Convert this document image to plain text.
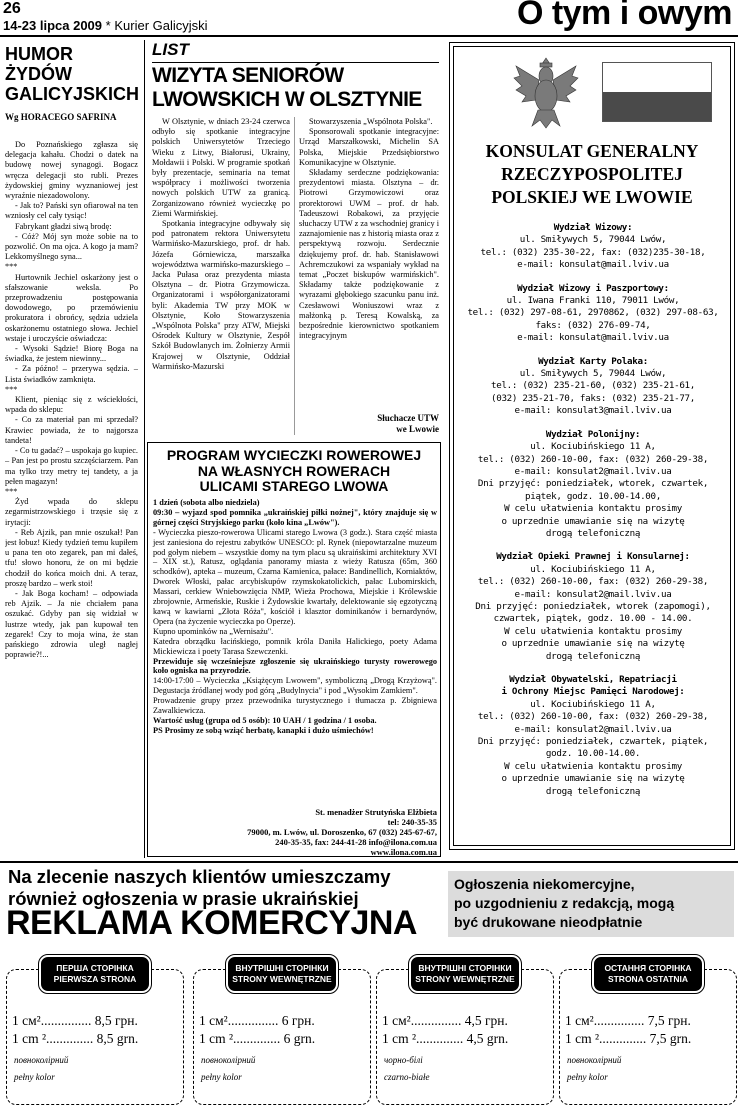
26
14-23 lipca 2009 * Kurier Galicyjski	O tym i owym
HUMOR
ŻYDÓW
GALICYJSKICH
Wg HORACEGO SAFRINA

Do Poznańskiego zgłasza się delegacja kahału. Chodzi o datek na budowę nowej synagogi. Bogacz wręcza delegacji sto rubli. Prezes żydowskiej gminy wyznaniowej jest wyraźnie niezadowolony.

- Jak to? Pański syn ofiarował na ten wzniosły cel cały tysiąc!

Fabrykant gładzi siwą brodę:

- Cóż? Mój syn może sobie na to pozwolić. On ma ojca. A kogo ja mam? Lekkomyślnego syna...

***

Hurtownik Jechiel oskarżony jest o sfałszowanie weksla. Po przeprowadzeniu postępowania dowodowego, po przemówieniu prokuratora i obrońcy, sędzia udziela oskarżonemu ostatniego słowa. Jechiel wstaje i uroczyście oświadcza:

- Wysoki Sądzie! Biorę Boga na świadka, że jestem niewinny...

- Za późno! – przerywa sędzia. – Lista świadków zamknięta.

***

Klient, pieniąc się z wściekłości, wpada do sklepu:

- Co za materiał pan mi sprzedał? Krawiec powiada, że to najgorsza tandeta!

- Co tu gadać? – uspokaja go kupiec. – Pan jest po prostu szczęściarzem. Pan ma tylko trzy metry tej tandety, a ja pełen magazyn!

***

Żyd wpada do sklepu zegarmistrzowskiego i trzęsie się z irytacji:

- Reb Ajzik, pan mnie oszukał! Pan jest łobuz! Kiedy tydzień temu kupiłem u pana ten oto zegarek, pan mi dałeś, tfu! słowo honoru, że on mi będzie chodził do końca moich dni. A teraz, proszę bardzo – werk stoi!

- Jak Boga kocham! – odpowiada reb Ajzik. – Ja nie chciałem pana oszukać. Gdyby pan się widział w lustrze wtedy, jak pan kupował ten zegarek! Czy to moja wina, że stan pańskiego zdrowia uległ nagłej poprawie?!...

LIST
WIZYTA SENIORÓW
LWOWSKICH W OLSZTYNIE

W Olsztynie, w dniach 23-24 czerwca odbyło się spotkanie integracyjne polskich Uniwersytetów Trzeciego Wieku z Litwy, Białorusi, Ukrainy, Mołdawii i Polski. W programie spotkań były prezentacje, seminaria na temat współpracy i możliwości tworzenia nowych polskich UTW za granicą. Zorganizowano również wycieczkę po Ziemi Warmińskiej.

Spotkania integracyjne odbywały się pod patronatem rektora Uniwersytetu Warmińsko-Mazurskiego, prof. dr hab. Józefa Górniewicza, marszałka województwa warmińsko-mazurskiego – Jacka Pułasa oraz prezydenta miasta Olsztyna – dr. Piotra Grzymowicza. Organizatorami i współorganizatorami byli: Akademia TW przy MOK w Olsztynie, Koło Stowarzyszenia „Wspólnota Polska" przy ATW, Miejski Ośrodek Kultury w Olsztynie, Zespół Szkół Budowlanych im. Żołnierzy Armii Krajowej w Olsztynie, Oddział Warmińsko-Mazurski

Stowarzyszenia „Wspólnota Polska".

Sponsorowali spotkanie integracyjne: Urząd Marszałkowski, Michelin SA Polska, Miejskie Przedsiębiorstwo Komunikacyjne w Olsztynie.

Składamy serdeczne podziękowania: prezydentowi miasta. Olsztyna – dr. Piotrowi Grzymowiczowi oraz prorektorowi UWM – prof. dr hab. Tadeuszowi Robakowi, za przyjęcie słuchaczy UTW z za wschodniej granicy i zaznajomienie nas z historią miasta oraz z perspektywą rozwoju. Serdecznie dziękujemy prof. dr. hab. Stanisławowi Achremczukowi za wspaniały wykład na temat „Poczet biskupów warmińskich". Składamy także podziękowanie z wyrazami głębokiego szacunku panu inż. Czesławowi Woniuszowi wraz z małżonką p. Teresą Kowalską, za bezpośrednie kierownictwo spotkaniem integracyjnym

Słuchacze UTW
we Lwowie
PROGRAM WYCIECZKI ROWEROWEJ
NA WŁASNYCH ROWERACH
ULICAMI STAREGO LWOWA
1 dzień (sobota albo niedziela)
09:30 – wyjazd spod pomnika „ukraińskiej piłki nożnej", który znajduje się w górnej części Stryjskiego parku (koło kina „Lwów").
- Wycieczka pieszo-rowerowa Ulicami starego Lwowa (3 godz.). Stara część miasta jest zaniesiona do rejestru zabytków UNESCO: pl. Rynek (niepowtarzalne muzeum pod gołym niebem – wszystkie domy na tym placu są ukraińskimi architektury XVI – XIX st.), Ratusz, oglądania panoramy miasta z wieży Ratusza (65m, 360 schodków), apteka – muzeum, Czarna Kamienica, pałace: Bandinellich, Korniaktów, Dworek Włoski, pałac arcybiskupów rzymskokatolickich, pałac Lubomirskich, Massari, cerkiew Wniebowzięcia NMP, Wieża Prochowa, Miejskie i Królewskie zbrojownie, Armeńskie, Ruskie i Żydowskie kwartały, delektowanie się egzotyczną kawą w kawiarni „Złota Róża", kościół i klasztor dominikanów i bernardynów, Opera (na życzenie wycieczka po Operze).
Kupno upominków na „Wernisażu".
Katedra obrządku łacińskiego, pomnik króla Daniła Halickiego, poety Adama Mickiewicza i poety Tarasa Szewczenki.
Przewiduje się wcześniejsze zgłoszenie się ukraińskiego turysty rowerowego koło ogniska na przyrodzie.
14:00-17:00 – Wycieczka „Książęcym Lwowem", symboliczną „Drogą Krzyżową". Degustacja źródlanej wody pod górą „Budylnycia" i pod „Wysokim Zamkiem".
Prowadzenie grupy przez przewodnika turystycznego i tłumacza p. Zbigniewa Zawalkiewicza.
Wartość usług (grupa od 5 osób): 10 UAH / 1 godzina / 1 osoba.
PS Prosimy ze sobą wziąć herbatę, kanapki i dużo uśmiechów!
St. menadżer Strutyńska Elżbieta
tel: 240-35-35
79000, m. Lwów, ul. Doroszenko, 67 (032) 245-67-67,
240-35-35, fax: 244-41-28 info@ilona.com.ua
www.ilona.com.ua
KONSULAT GENERALNY
RZECZYPOSPOLITEJ
POLSKIEJ WE LWOWIE
Wydział Wizowy:
ul. Smiływych 5, 79044 Lwów,
tel.: (032) 235-30-22, fax: (032)235-30-18,
e-mail: konsulat@mail.lviv.ua
Wydział Wizowy i Paszportowy:
ul. Iwana Franki 110, 79011 Lwów,
tel.: (032) 297-08-61, 2970862, (032) 297-08-63,
faks: (032) 276-09-74,
e-mail: konsulat@mail.lviv.ua
Wydział Karty Polaka:
ul. Smiływych 5, 79044 Lwów,
tel.: (032) 235-21-60, (032) 235-21-61,
(032) 235-21-70, faks: (032) 235-21-77,
e-mail: konsulat3@mail.lviv.ua
Wydział Polonijny:
ul. Kociubińskiego 11 A,
tel.: (032) 260-10-00, fax: (032) 260-29-38,
e-mail: konsulat2@mail.lviv.ua
Dni przyjęć: poniedziałek, wtorek, czwartek,
piątek, godz. 10.00-14.00,
W celu ułatwienia kontaktu prosimy
o uprzednie umawianie się na wizytę
drogą telefoniczną
Wydział Opieki Prawnej i Konsularnej:
ul. Kociubińskiego 11 A,
tel.: (032) 260-10-00, fax: (032) 260-29-38,
e-mail: konsulat2@mail.lviv.ua
Dni przyjęć: poniedziałek, wtorek (zapomogi),
czwartek, piątek, godz. 10.00 - 14.00.
W celu ułatwienia kontaktu prosimy
o uprzednie umawianie się na wizytę
drogą telefoniczną
Wydział Obywatelski, Repatriacji
i Ochrony Miejsc Pamięci Narodowej:
ul. Kociubińskiego 11 A,
tel.: (032) 260-10-00, fax: (032) 260-29-38,
e-mail: konsulat2@mail.lviv.ua
Dni przyjęć: poniedziałek, czwartek, piątek,
godz. 10.00-14.00.
W celu ułatwienia kontaktu prosimy
o uprzednie umawianie się na wizytę
drogą telefoniczną
Na zlecenie naszych klientów umieszczamy
również ogłoszenia w prasie ukraińskiej
REKLAMA KOMERCYJNA
Ogłoszenia niekomercyjne,
po uzgodnieniu z redakcją, mogą
być drukowane nieodpłatnie
ПЕРША СТОРІНКА
PIERWSZA STRONA
1 см²............... 8,5 грн.
1 cm ².............. 8,5 grn.
повноколірний
pełny kolor
ВНУТРІШНІ СТОРІНКИ
STRONY WEWNĘTRZNE
1 см²............... 6 грн.
1 cm ².............. 6 grn.
повноколірний
pełny kolor
ВНУТРІШНІ СТОРІНКИ
STRONY WEWNĘTRZNE
1 см²............... 4,5 грн.
1 cm ².............. 4,5 grn.
чорно-білі
czarno-białe
ОСТАННЯ СТОРІНКА
STRONA OSTATNIA
1 см²............... 7,5 грн.
1 cm ².............. 7,5 grn.
повноколірний
pełny kolor
